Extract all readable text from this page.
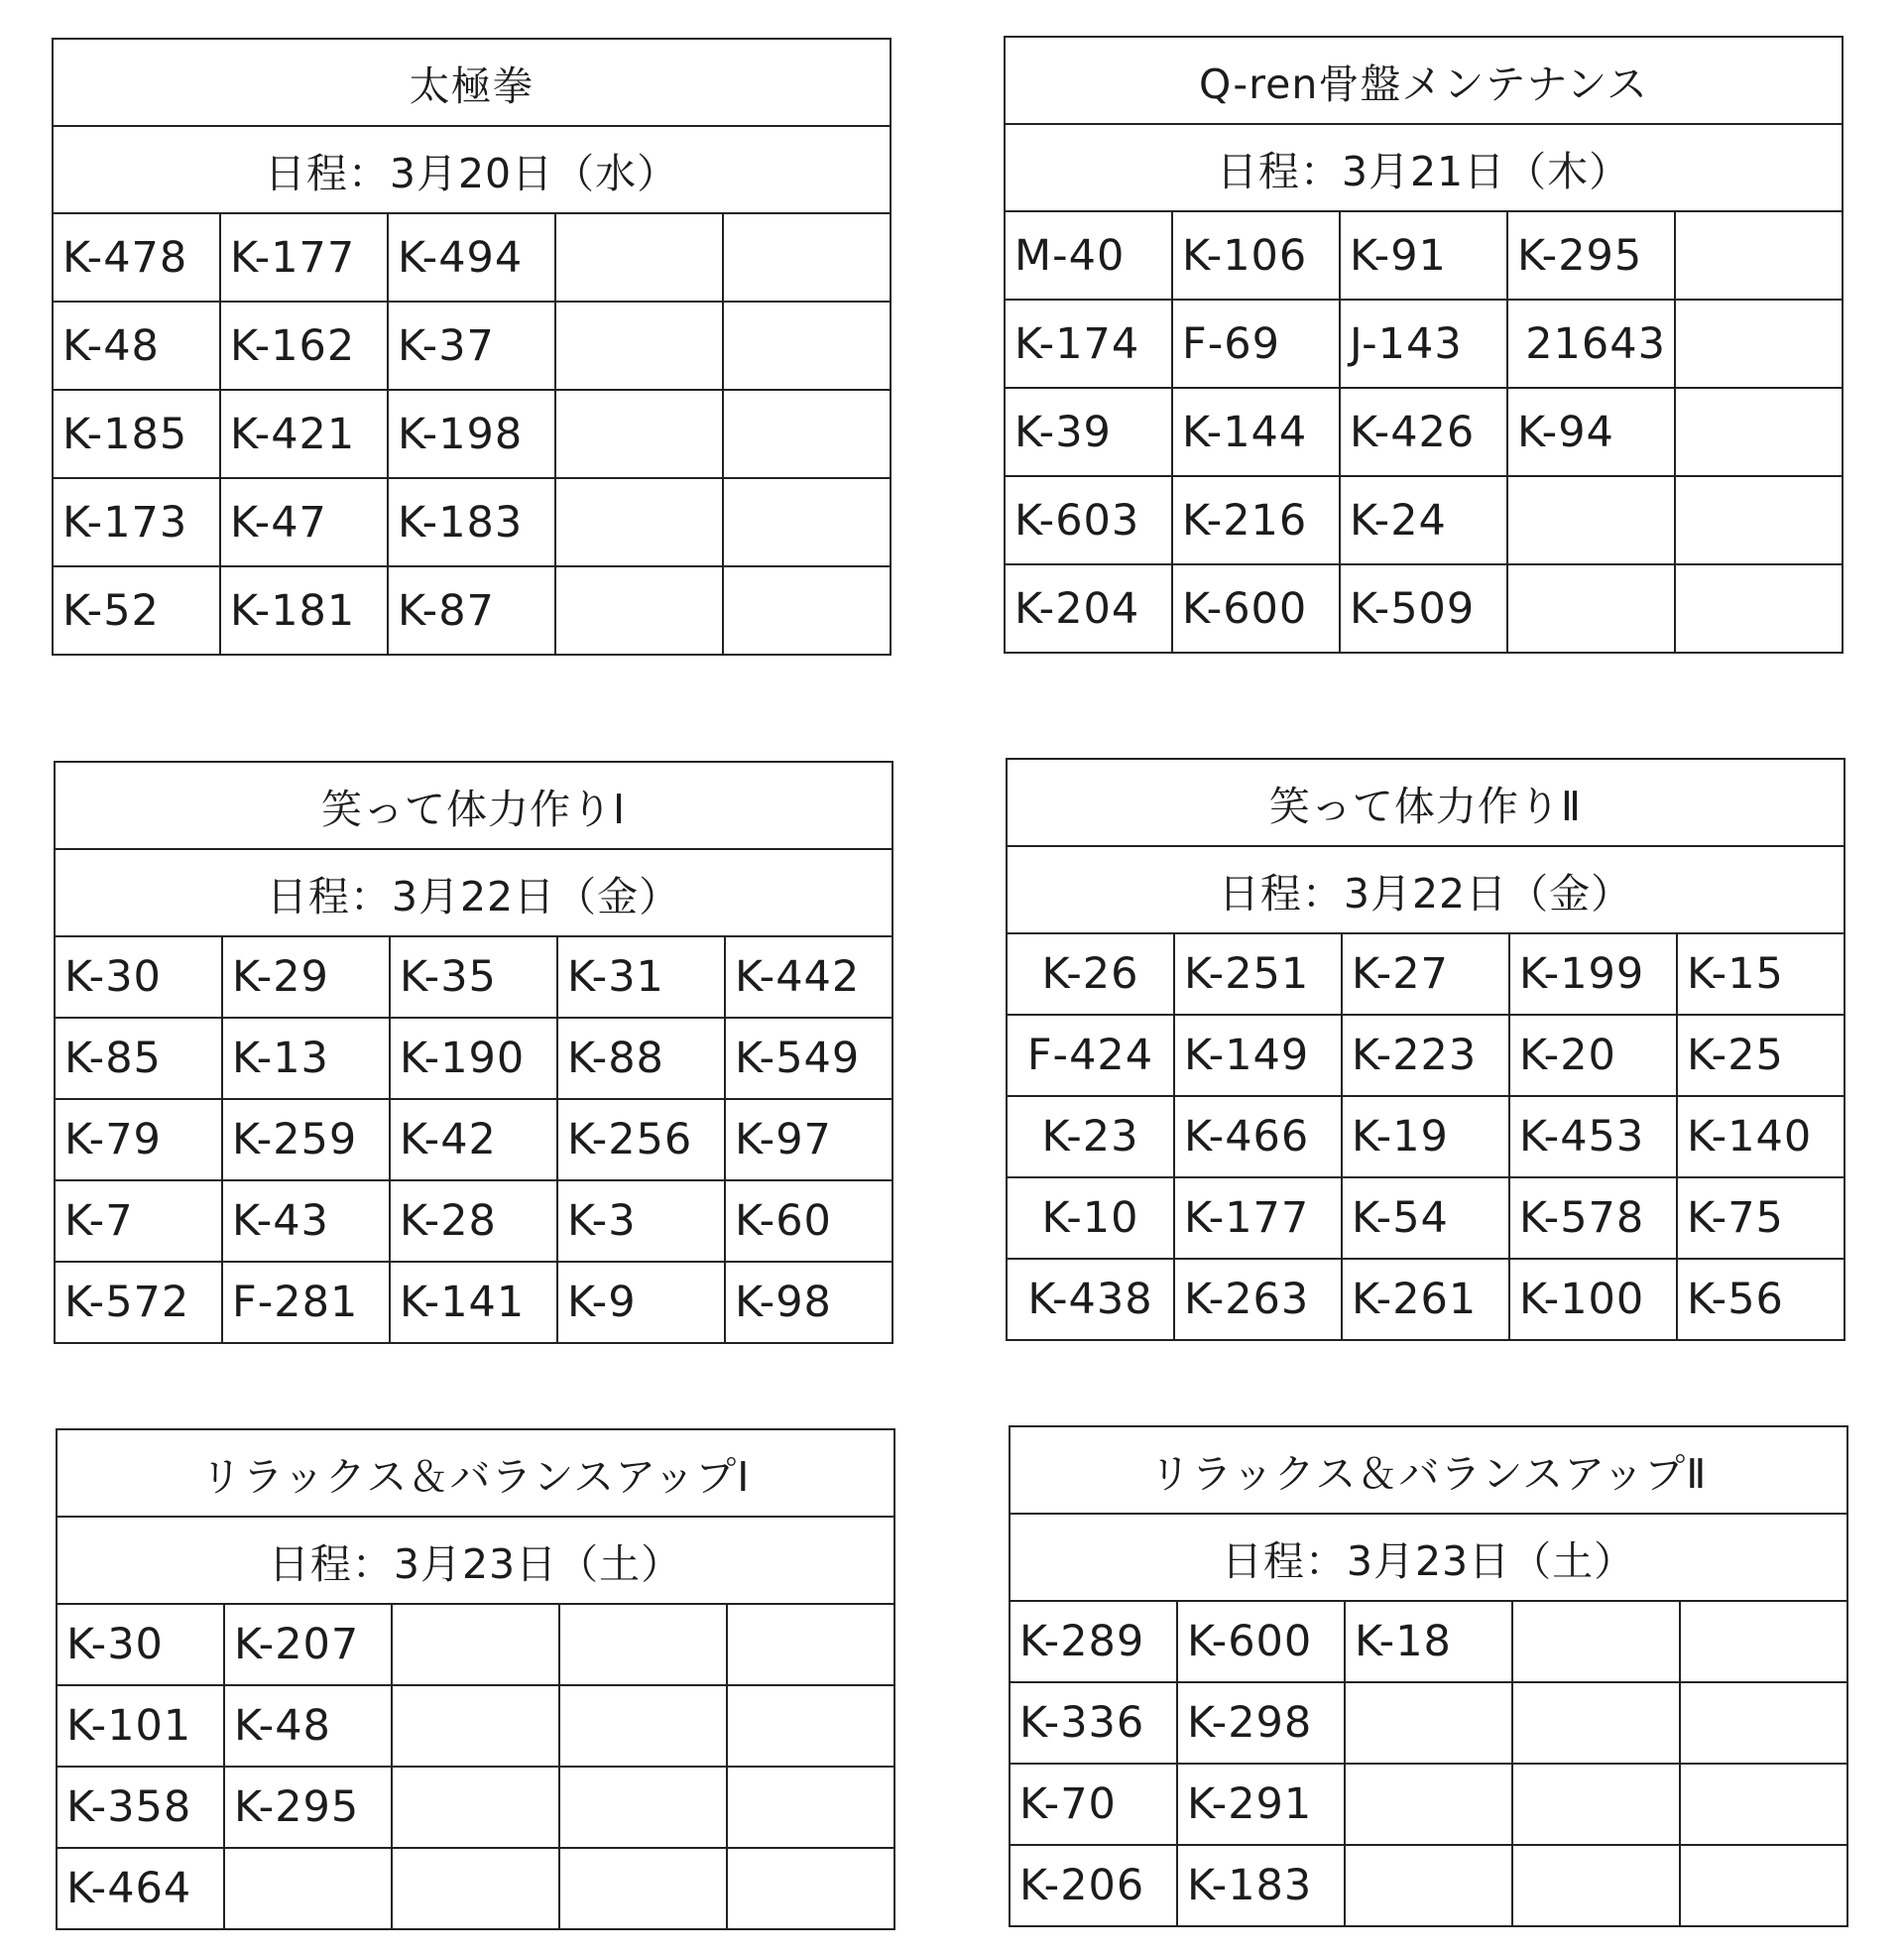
太極拳				
日程：3月20日（水）				
K-478	K-177	K-494		
K-48	K-162	K-37		
K-185	K-421	K-198		
K-173	K-47	K-183		
K-52	K-181	K-87		
Q-ren骨盤メンテナンス				
日程：3月21日（木）				
M-40	K-106	K-91	K-295	
K-174	F-69	J-143	21643	
K-39	K-144	K-426	K-94	
K-603	K-216	K-24		
K-204	K-600	K-509		
笑って体力作りⅠ				
日程：3月22日（金）				
K-30	K-29	K-35	K-31	K-442
K-85	K-13	K-190	K-88	K-549
K-79	K-259	K-42	K-256	K-97
K-7	K-43	K-28	K-3	K-60
K-572	F-281	K-141	K-9	K-98
笑って体力作りⅡ				
日程：3月22日（金）				
K-26	K-251	K-27	K-199	K-15
F-424	K-149	K-223	K-20	K-25
K-23	K-466	K-19	K-453	K-140
K-10	K-177	K-54	K-578	K-75
K-438	K-263	K-261	K-100	K-56
リラックス＆バランスアップⅠ				
日程：3月23日（土）				
K-30	K-207			
K-101	K-48			
K-358	K-295			
K-464				
リラックス＆バランスアップⅡ				
日程：3月23日（土）				
K-289	K-600	K-18		
K-336	K-298			
K-70	K-291			
K-206	K-183			
